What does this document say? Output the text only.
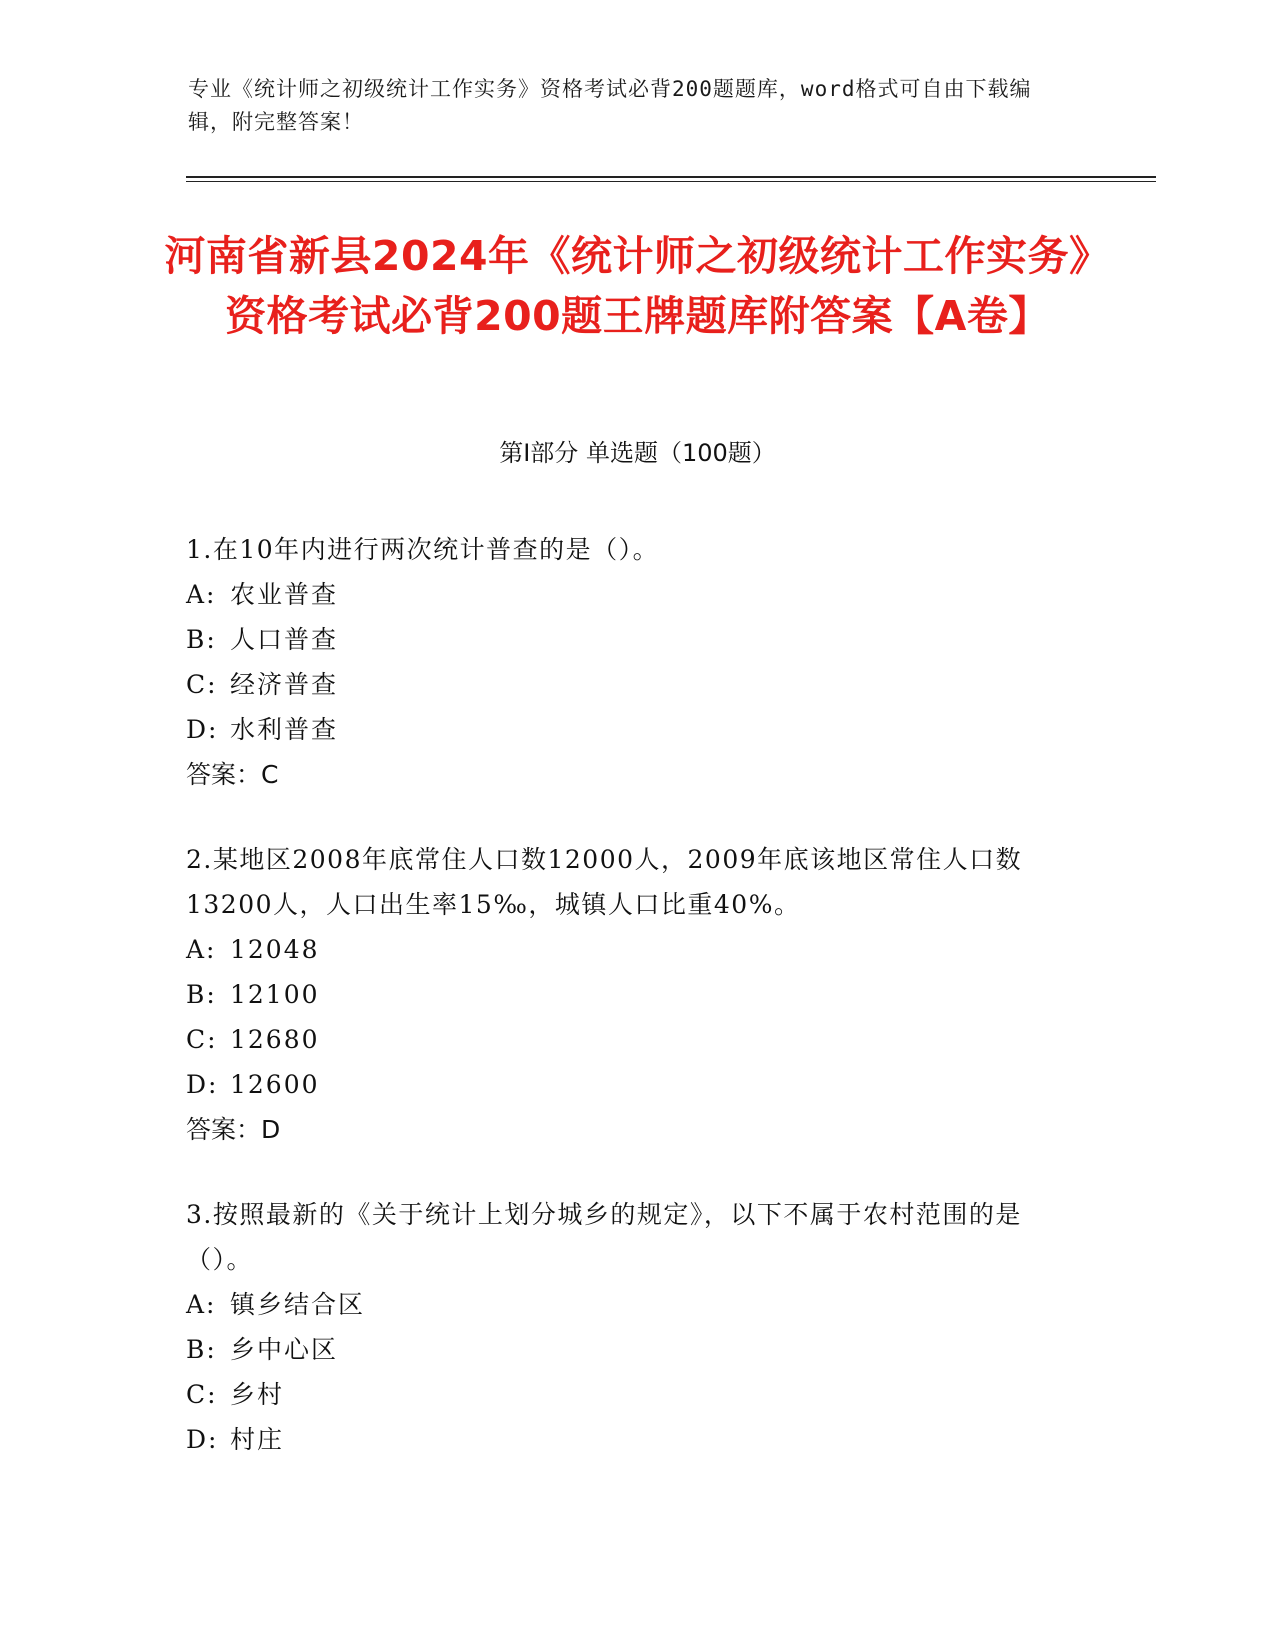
专业《统计师之初级统计工作实务》资格考试必背200题题库，word格式可自由下载编辑，附完整答案！

河南省新县2024年《统计师之初级统计工作实务》资格考试必背200题王牌题库附答案【A卷】
第I部分 单选题（100题）

1.在10年内进行两次统计普查的是（）。

A: 农业普查
B: 人口普查
C: 经济普查
D: 水利普查

答案：C

2.某地区2008年底常住人口数12000人，2009年底该地区常住人口数13200人，人口出生率15‰，城镇人口比重40%。

A: 12048
B: 12100
C: 12680
D: 12600

答案：D

3.按照最新的《关于统计上划分城乡的规定》，以下不属于农村范围的是（）。

A: 镇乡结合区
B: 乡中心区
C: 乡村
D: 村庄
